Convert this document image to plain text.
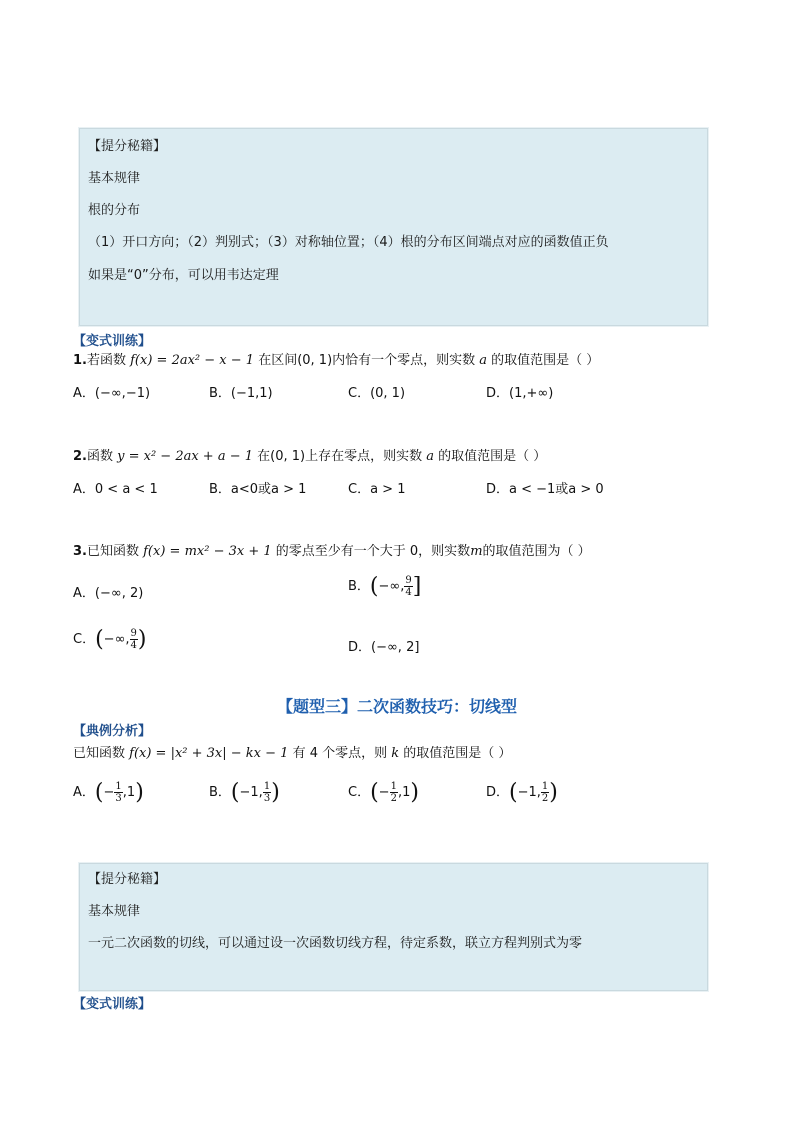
【提分秘籍】
基本规律
根的分布
（1）开口方向；（2）判别式；（3）对称轴位置；（4）根的分布区间端点对应的函数值正负
如果是“0”分布，可以用韦达定理
【变式训练】
1.若函数 f(x) = 2ax² − x − 1 在区间(0, 1)内恰有一个零点，则实数 a 的取值范围是（ ）
A．(−∞,−1)	B．(−1,1)	C．(0, 1)	D．(1,+∞)
2.函数 y = x² − 2ax + a − 1 在(0, 1)上存在零点，则实数 a 的取值范围是（ ）
A．0 < a < 1	B．a<0或a > 1	C．a > 1	D．a < −1或a > 0
3.已知函数 f(x) = mx² − 3x + 1 的零点至少有一个大于 0，则实数m的取值范围为（ ）
A．(−∞, 2)	B．(−∞, $\frac{9}{4}$ ]
C．(−∞, $\frac{9}{4}$ )	D．(−∞, 2]
【题型三】二次函数技巧：切线型
【典例分析】
已知函数 f(x) = |x² + 3x| − kx − 1 有 4 个零点，则 k 的取值范围是（ ）
A．(− $\frac{1}{3} ,1$)	B．(−1, $\frac{1}{3}$ )	C．(− $\frac{1}{2} ,1$)	D．(−1, $\frac{1}{2}$ )
【提分秘籍】
基本规律
一元二次函数的切线，可以通过设一次函数切线方程，待定系数，联立方程判别式为零
【变式训练】
